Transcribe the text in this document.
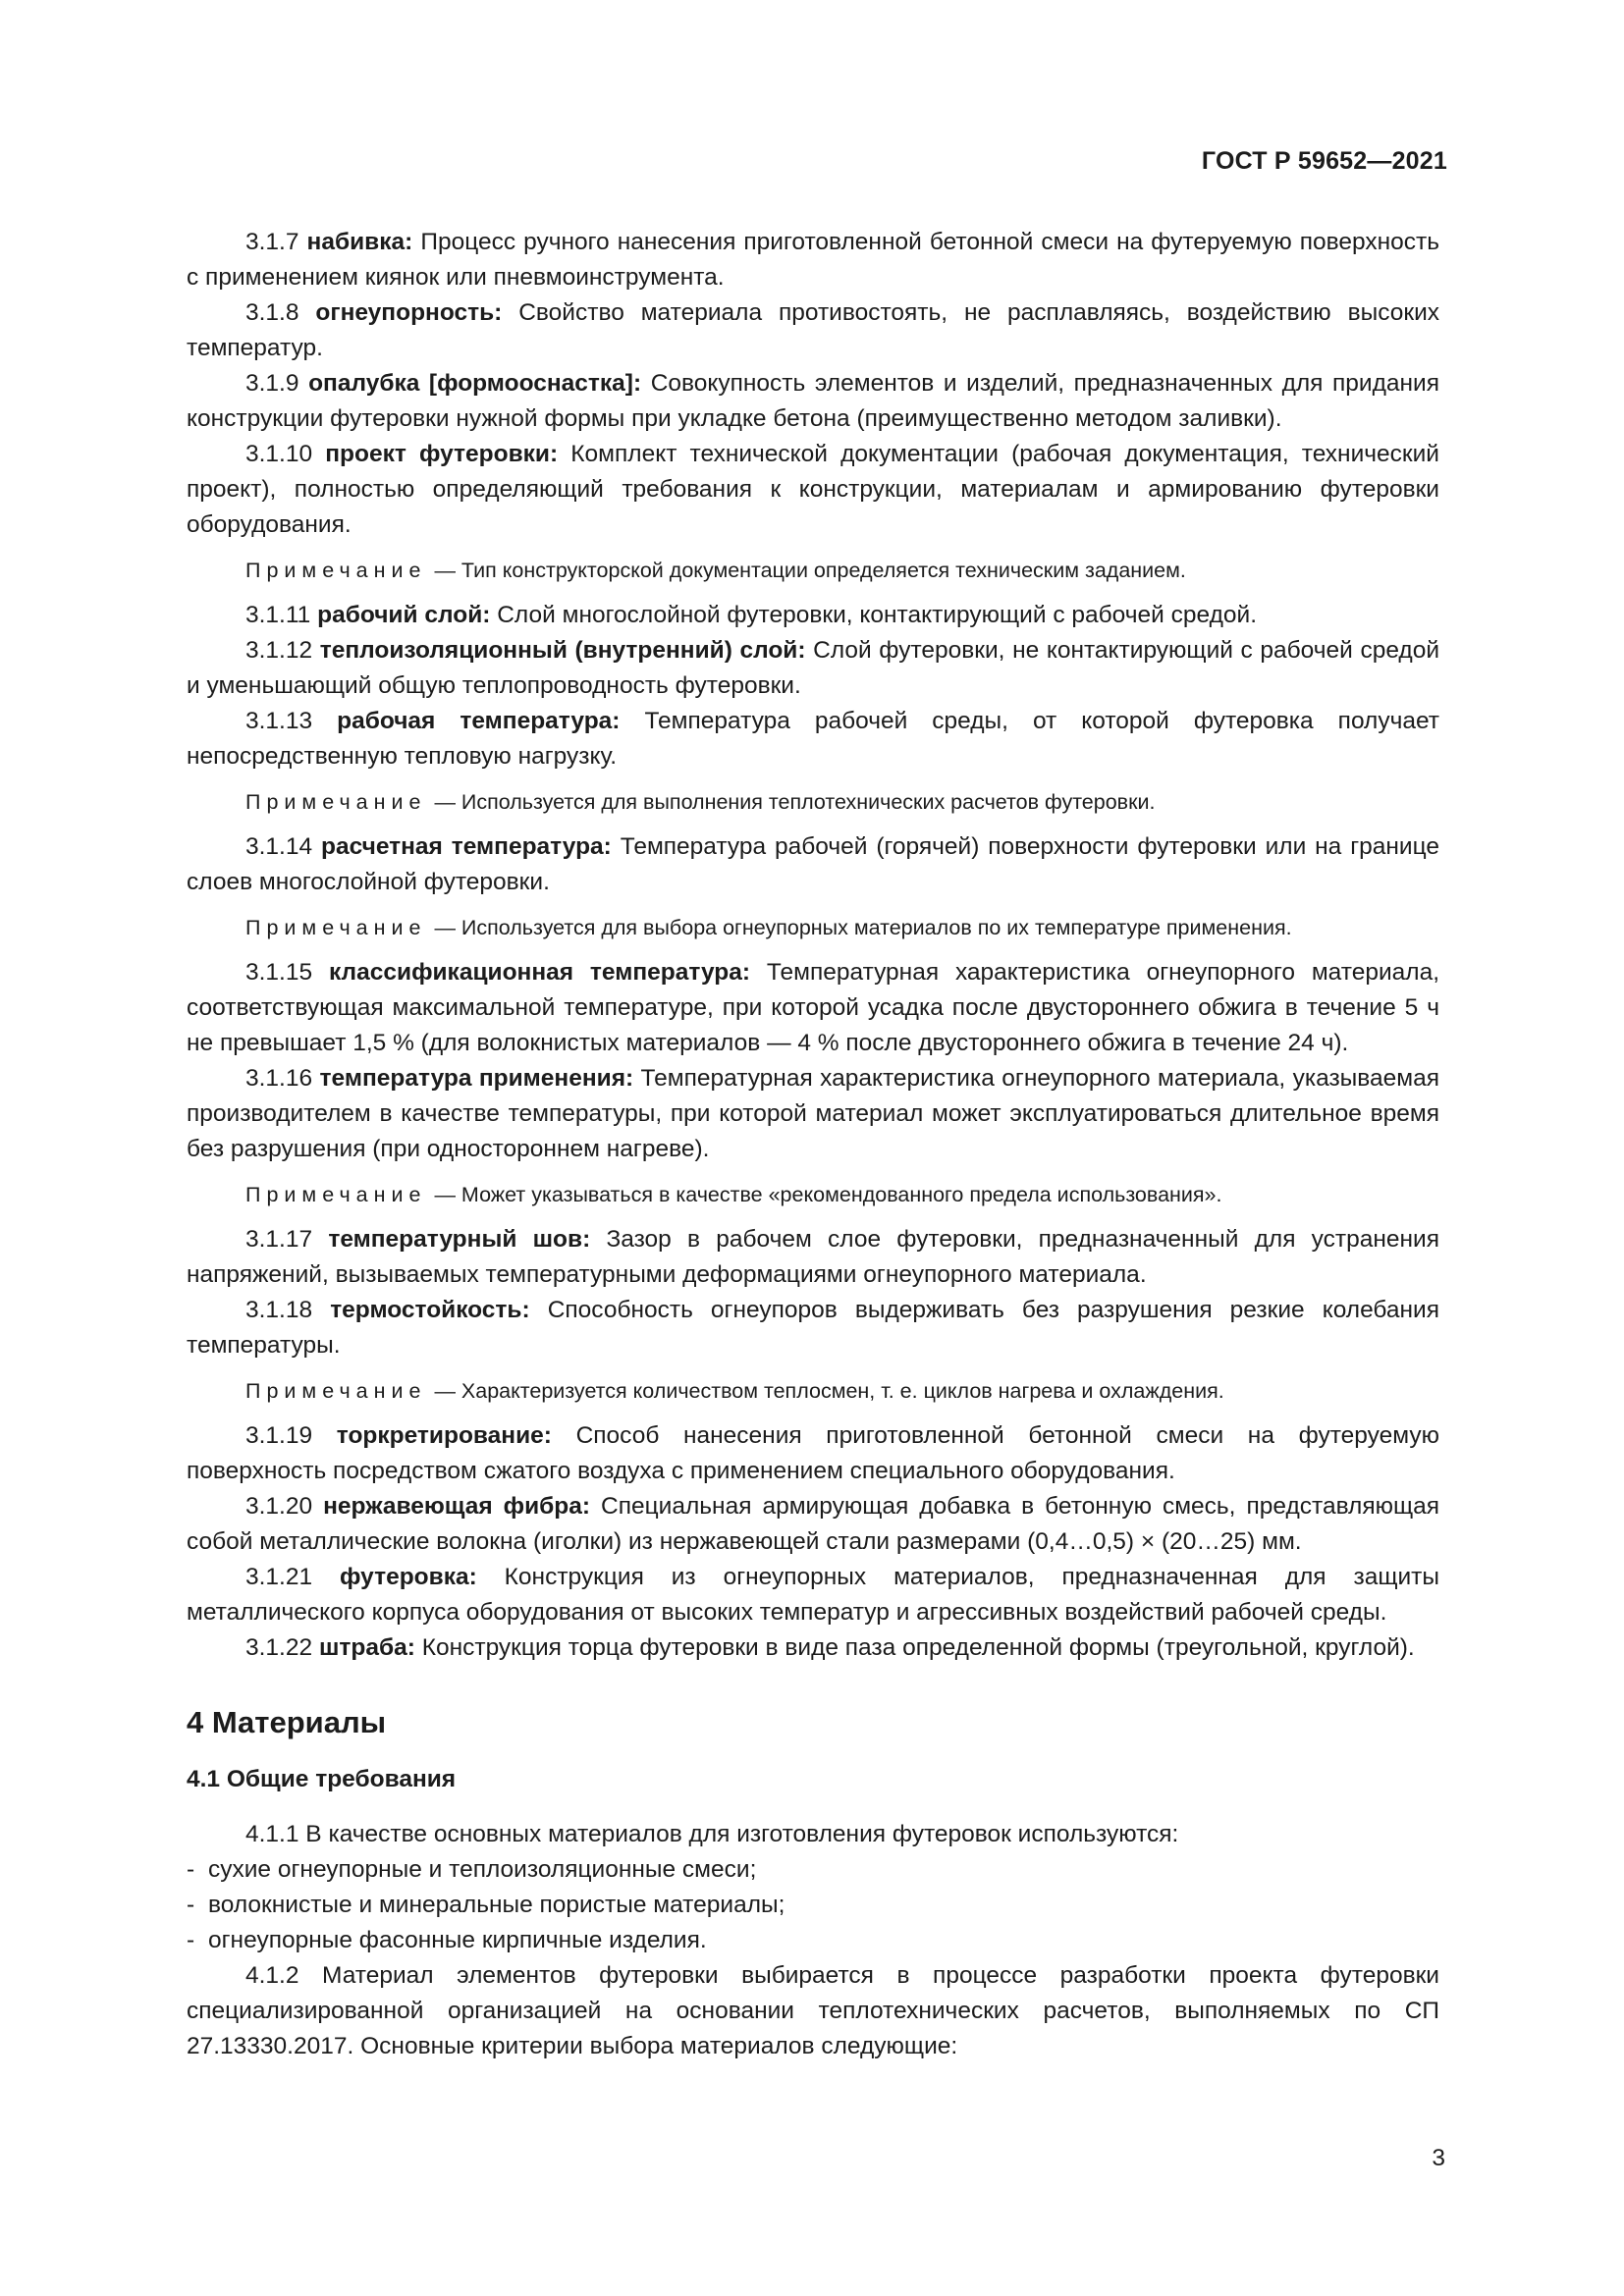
ГОСТ Р 59652—2021

3.1.7 набивка: Процесс ручного нанесения приготовленной бетонной смеси на футеруемую поверхность с применением киянок или пневмоинструмента.

3.1.8 огнеупорность: Свойство материала противостоять, не расплавляясь, воздействию высоких температур.

3.1.9 опалубка [формооснастка]: Совокупность элементов и изделий, предназначенных для придания конструкции футеровки нужной формы при укладке бетона (преимущественно методом заливки).

3.1.10 проект футеровки: Комплект технической документации (рабочая документация, технический проект), полностью определяющий требования к конструкции, материалам и армированию футеровки оборудования.

Примечание — Тип конструкторской документации определяется техническим заданием.

3.1.11 рабочий слой: Слой многослойной футеровки, контактирующий с рабочей средой.

3.1.12 теплоизоляционный (внутренний) слой: Слой футеровки, не контактирующий с рабочей средой и уменьшающий общую теплопроводность футеровки.

3.1.13 рабочая температура: Температура рабочей среды, от которой футеровка получает непосредственную тепловую нагрузку.

Примечание — Используется для выполнения теплотехнических расчетов футеровки.

3.1.14 расчетная температура: Температура рабочей (горячей) поверхности футеровки или на границе слоев многослойной футеровки.

Примечание — Используется для выбора огнеупорных материалов по их температуре применения.

3.1.15 классификационная температура: Температурная характеристика огнеупорного материала, соответствующая максимальной температуре, при которой усадка после двустороннего обжига в течение 5 ч не превышает 1,5 % (для волокнистых материалов — 4 % после двустороннего обжига в течение 24 ч).

3.1.16 температура применения: Температурная характеристика огнеупорного материала, указываемая производителем в качестве температуры, при которой материал может эксплуатироваться длительное время без разрушения (при одностороннем нагреве).

Примечание — Может указываться в качестве «рекомендованного предела использования».

3.1.17 температурный шов: Зазор в рабочем слое футеровки, предназначенный для устранения напряжений, вызываемых температурными деформациями огнеупорного материала.

3.1.18 термостойкость: Способность огнеупоров выдерживать без разрушения резкие колебания температуры.

Примечание — Характеризуется количеством теплосмен, т. е. циклов нагрева и охлаждения.

3.1.19 торкретирование: Способ нанесения приготовленной бетонной смеси на футеруемую поверхность посредством сжатого воздуха с применением специального оборудования.

3.1.20 нержавеющая фибра: Специальная армирующая добавка в бетонную смесь, представляющая собой металлические волокна (иголки) из нержавеющей стали размерами (0,4…0,5) × (20…25) мм.

3.1.21 футеровка: Конструкция из огнеупорных материалов, предназначенная для защиты металлического корпуса оборудования от высоких температур и агрессивных воздействий рабочей среды.

3.1.22 штраба: Конструкция торца футеровки в виде паза определенной формы (треугольной, круглой).

4 Материалы
4.1 Общие требования

4.1.1 В качестве основных материалов для изготовления футеровок используются:

- сухие огнеупорные и теплоизоляционные смеси;
- волокнистые и минеральные пористые материалы;
- огнеупорные фасонные кирпичные изделия.

4.1.2 Материал элементов футеровки выбирается в процессе разработки проекта футеровки специализированной организацией на основании теплотехнических расчетов, выполняемых по СП 27.13330.2017. Основные критерии выбора материалов следующие:

3
